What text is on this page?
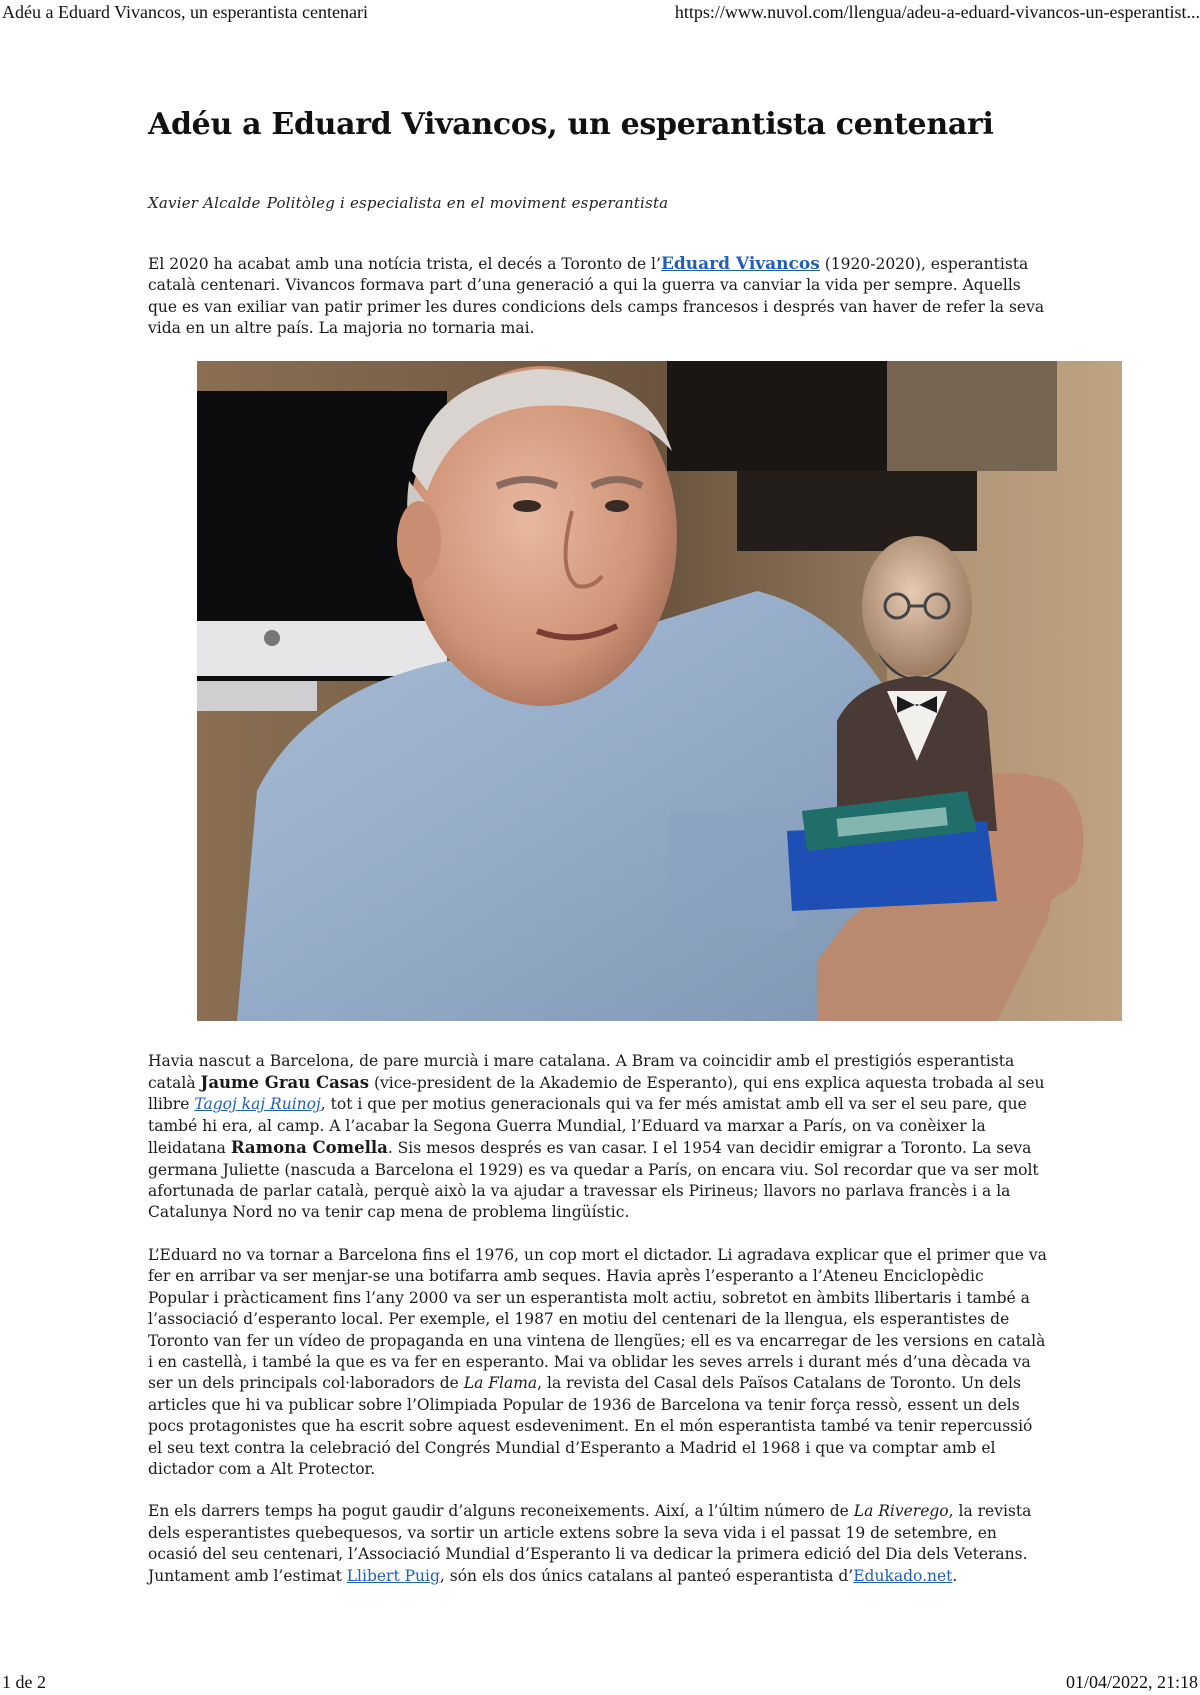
Adéu a Eduard Vivancos, un esperantista centenari	https://www.nuvol.com/llengua/adeu-a-eduard-vivancos-un-esperantist...
Adéu a Eduard Vivancos, un esperantista centenari
Xavier Alcalde Politòleg i especialista en el moviment esperantista

El 2020 ha acabat amb una notícia trista, el decés a Toronto de l’Eduard Vivancos (1920-2020), esperantista català centenari. Vivancos formava part d’una generació a qui la guerra va canviar la vida per sempre. Aquells que es van exiliar van patir primer les dures condicions dels camps francesos i després van haver de refer la seva vida en un altre país. La majoria no tornaria mai.

Havia nascut a Barcelona, de pare murcià i mare catalana. A Bram va coincidir amb el prestigiós esperantista català Jaume Grau Casas (vice-president de la Akademio de Esperanto), qui ens explica aquesta trobada al seu llibre Tagoj kaj Ruinoj, tot i que per motius generacionals qui va fer més amistat amb ell va ser el seu pare, que també hi era, al camp. A l’acabar la Segona Guerra Mundial, l’Eduard va marxar a París, on va conèixer la lleidatana Ramona Comella. Sis mesos després es van casar. I el 1954 van decidir emigrar a Toronto. La seva germana Juliette (nascuda a Barcelona el 1929) es va quedar a París, on encara viu. Sol recordar que va ser molt afortunada de parlar català, perquè això la va ajudar a travessar els Pirineus; llavors no parlava francès i a la Catalunya Nord no va tenir cap mena de problema lingüístic.

L’Eduard no va tornar a Barcelona fins el 1976, un cop mort el dictador. Li agradava explicar que el primer que va fer en arribar va ser menjar-se una botifarra amb seques. Havia après l’esperanto a l’Ateneu Enciclopèdic Popular i pràcticament fins l’any 2000 va ser un esperantista molt actiu, sobretot en àmbits llibertaris i també a l’associació d’esperanto local. Per exemple, el 1987 en motiu del centenari de la llengua, els esperantistes de Toronto van fer un vídeo de propaganda en una vintena de llengües; ell es va encarregar de les versions en català i en castellà, i també la que es va fer en esperanto. Mai va oblidar les seves arrels i durant més d’una dècada va ser un dels principals col·laboradors de La Flama, la revista del Casal dels Països Catalans de Toronto. Un dels articles que hi va publicar sobre l’Olimpiada Popular de 1936 de Barcelona va tenir força ressò, essent un dels pocs protagonistes que ha escrit sobre aquest esdeveniment. En el món esperantista també va tenir repercussió el seu text contra la celebració del Congrés Mundial d’Esperanto a Madrid el 1968 i que va comptar amb el dictador com a Alt Protector.

En els darrers temps ha pogut gaudir d’alguns reconeixements. Així, a l’últim número de La Riverego, la revista dels esperantistes quebequesos, va sortir un article extens sobre la seva vida i el passat 19 de setembre, en ocasió del seu centenari, l’Associació Mundial d’Esperanto li va dedicar la primera edició del Dia dels Veterans. Juntament amb l’estimat Llibert Puig, són els dos únics catalans al panteó esperantista d’Edukado.net.

1 de 2	01/04/2022, 21:18
